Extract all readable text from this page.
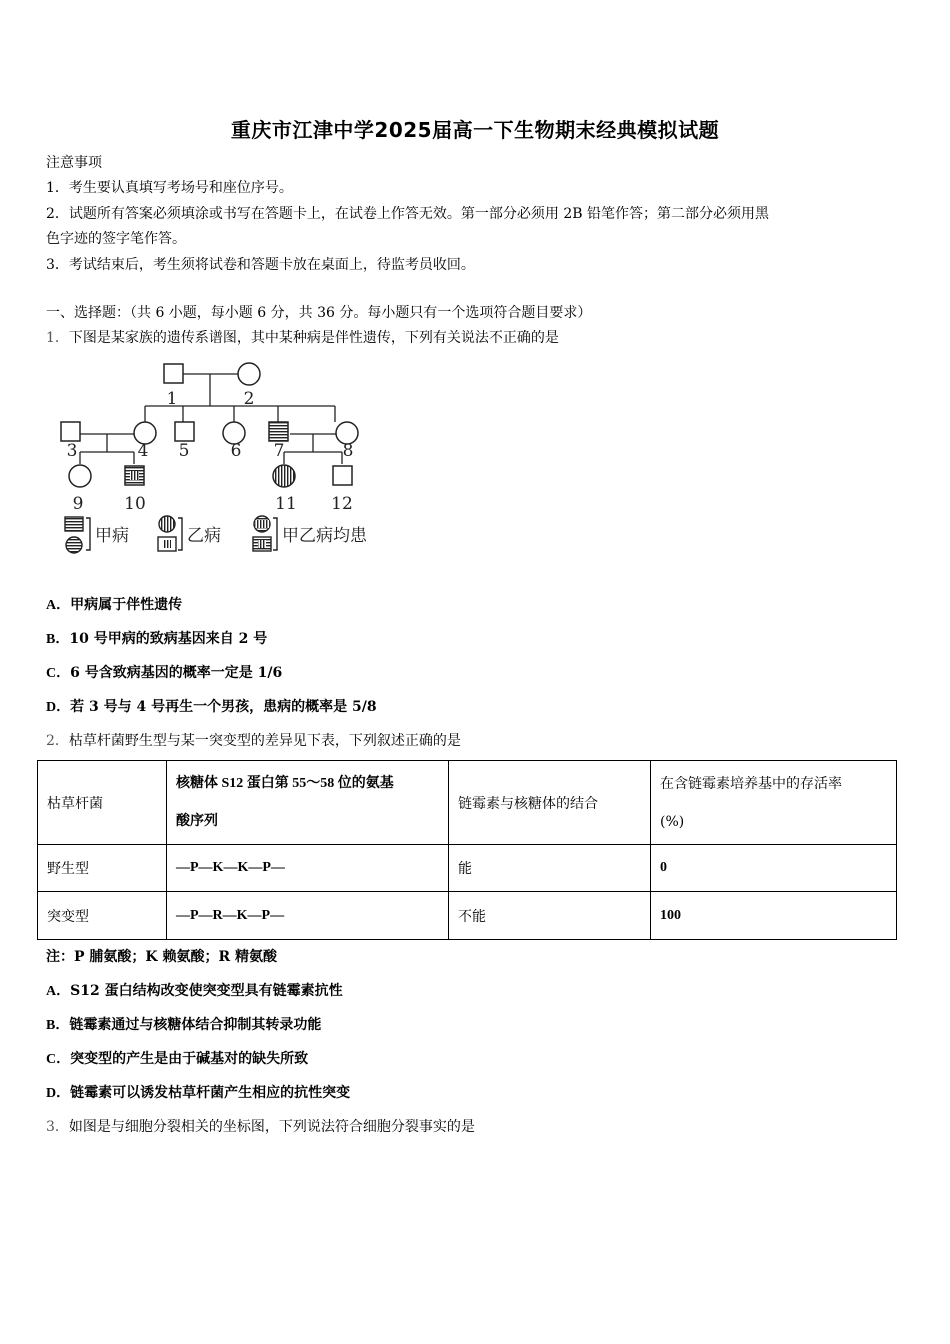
重庆市江津中学2025届高一下生物期末经典模拟试题
注意事项
1．考生要认真填写考场号和座位序号。
2．试题所有答案必须填涂或书写在答题卡上，在试卷上作答无效。第一部分必须用 2B 铅笔作答；第二部分必须用黑
色字迹的签字笔作答。
3．考试结束后，考生须将试卷和答题卡放在桌面上，待监考员收回。
一、选择题：（共 6 小题，每小题 6 分，共 36 分。每小题只有一个选项符合题目要求）
1．下图是某家族的遗传系谱图，其中某种病是伴性遗传，下列有关说法不正确的是
1	2
3	4 5 6 7	8
9 10	11 12
甲病	乙病	甲乙病均患
A．甲病属于伴性遗传
B．10 号甲病的致病基因来自 2 号
C．6 号含致病基因的概率一定是 1/6
D．若 3 号与 4 号再生一个男孩，患病的概率是 5/8
2．枯草杆菌野生型与某一突变型的差异见下表，下列叙述正确的是
枯草杆菌	核糖体 S12 蛋白第 55～58 位的氨基
酸序列	链霉素与核糖体的结合	在含链霉素培养基中的存活率
(%)
野生型	—P—K—K—P—	能	0
突变型	—P—R—K—P—	不能	100
注：P 脯氨酸；K 赖氨酸；R 精氨酸
A．S12 蛋白结构改变使突变型具有链霉素抗性
B．链霉素通过与核糖体结合抑制其转录功能
C．突变型的产生是由于碱基对的缺失所致
D．链霉素可以诱发枯草杆菌产生相应的抗性突变
3．如图是与细胞分裂相关的坐标图，下列说法符合细胞分裂事实的是
